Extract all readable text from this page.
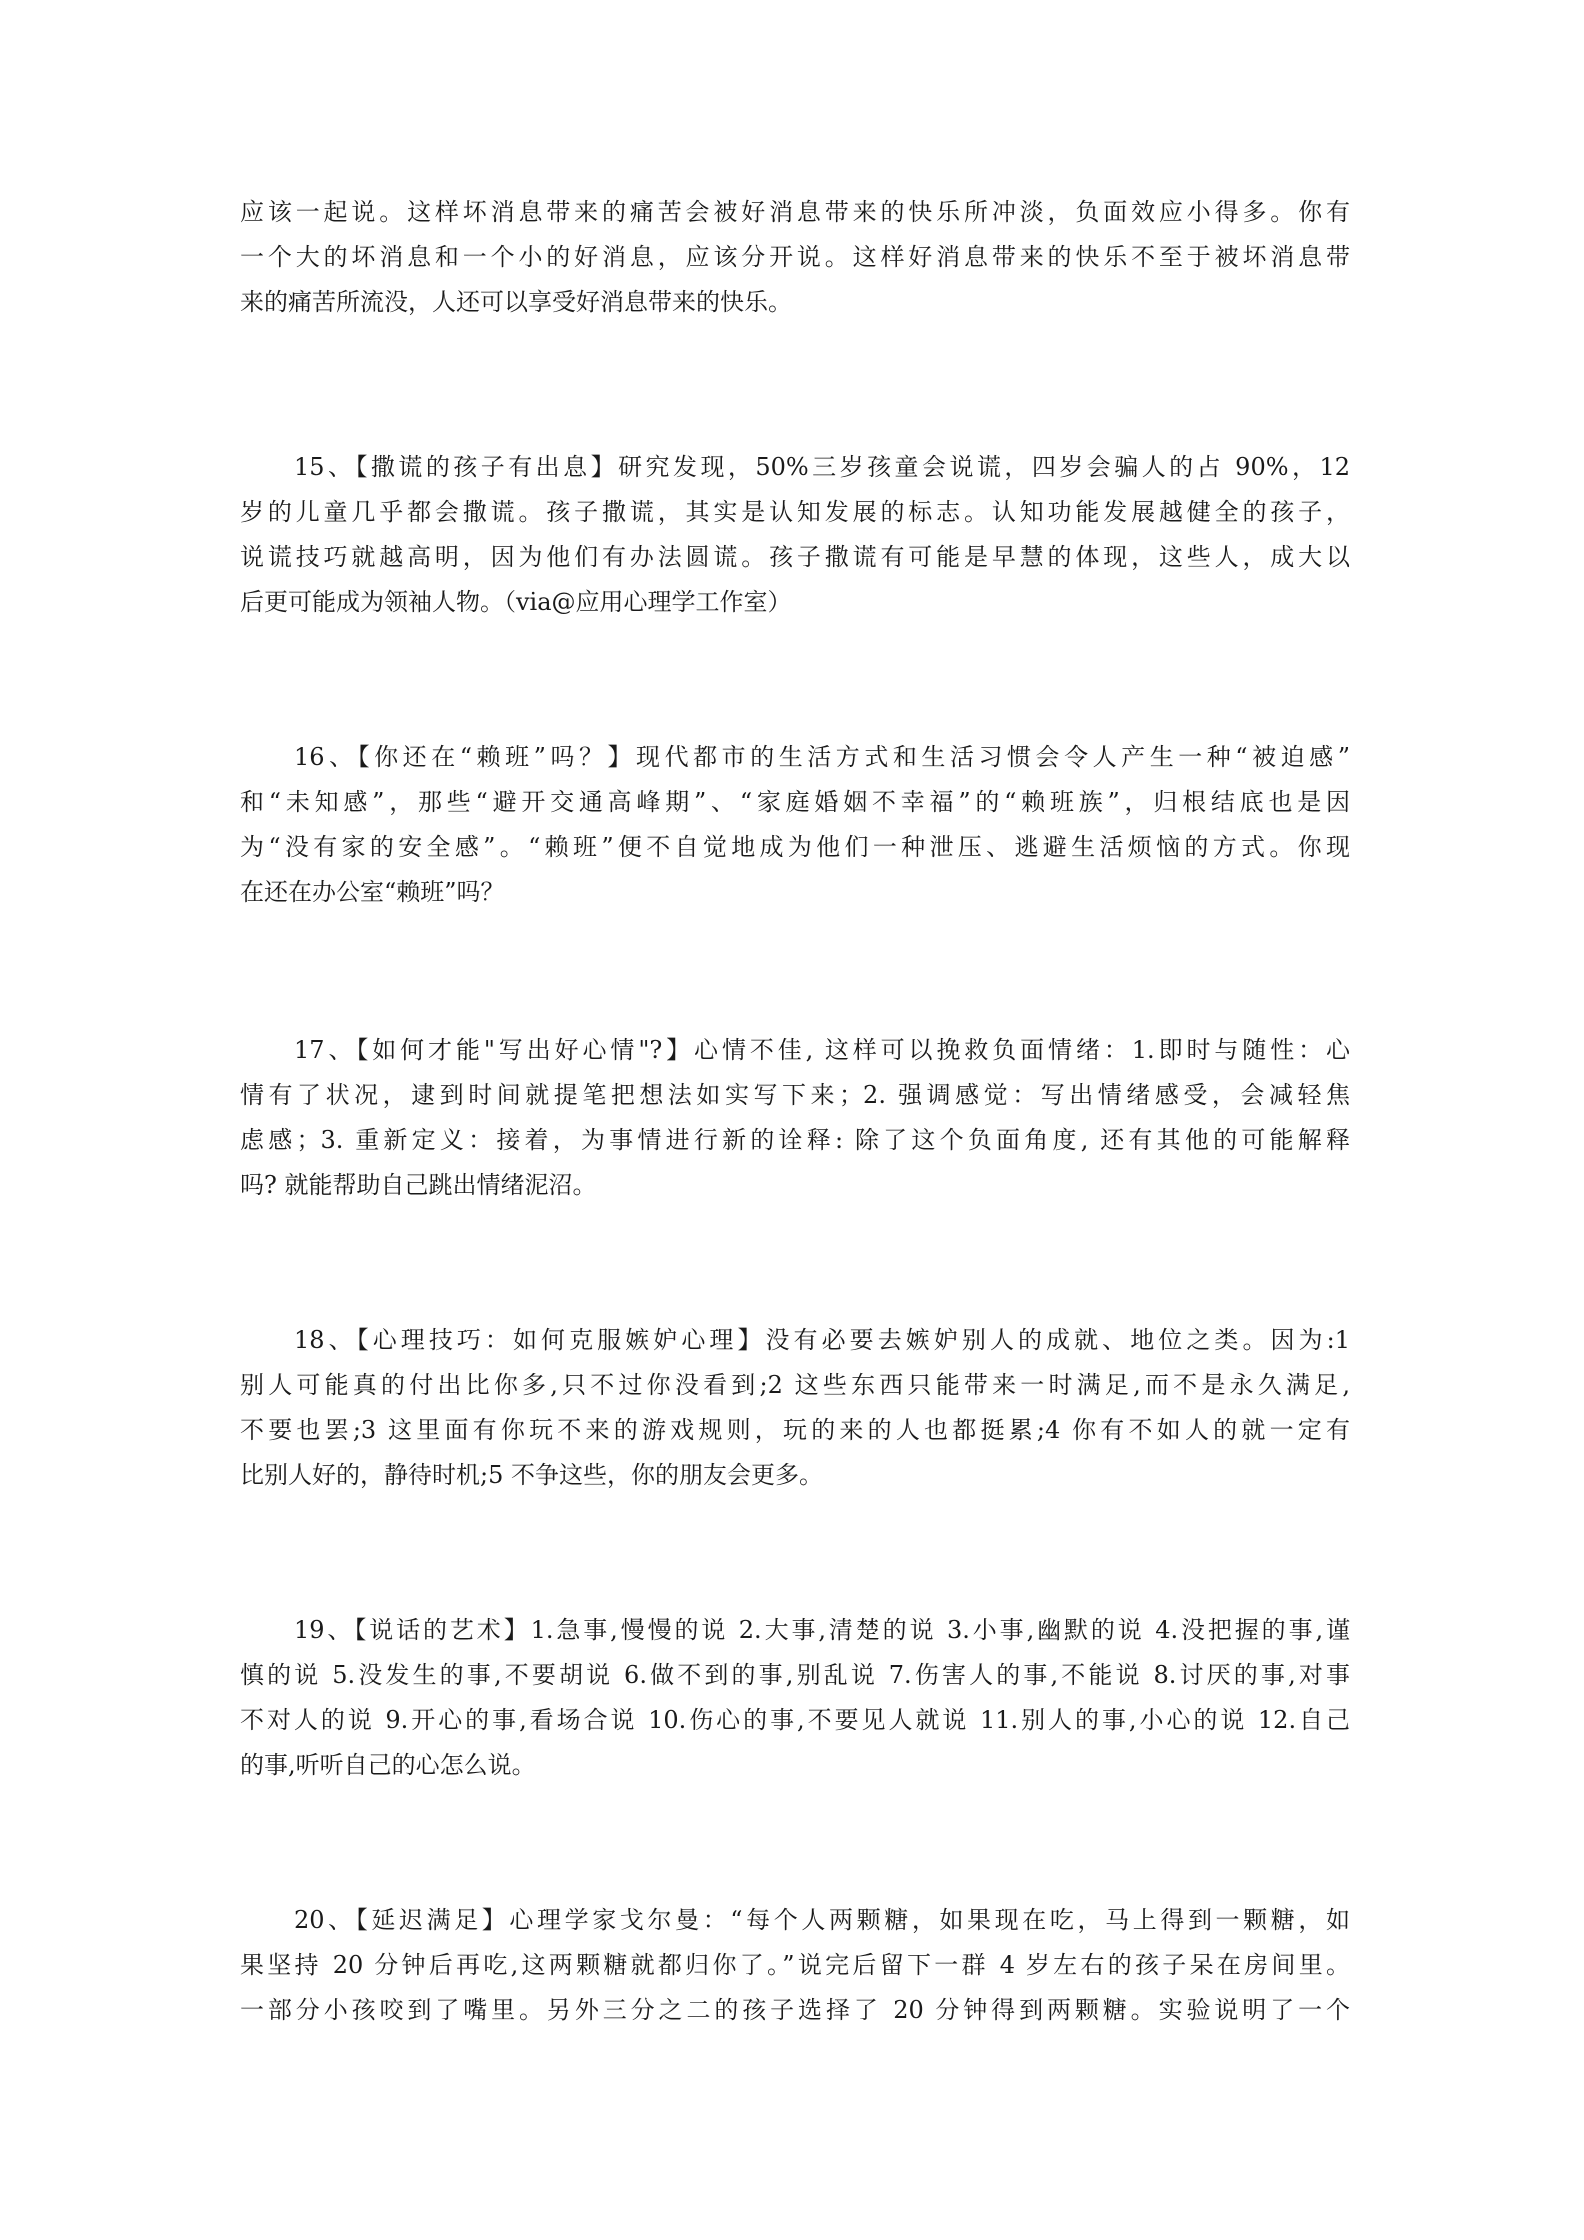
应该一起说。这样坏消息带来的痛苦会被好消息带来的快乐所冲淡，负面效应小得多。你有
一个大的坏消息和一个小的好消息，应该分开说。这样好消息带来的快乐不至于被坏消息带
来的痛苦所流没，人还可以享受好消息带来的快乐。
15、【撒谎的孩子有出息】研究发现，50%三岁孩童会说谎，四岁会骗人的占 90%，12
岁的儿童几乎都会撒谎。孩子撒谎，其实是认知发展的标志。认知功能发展越健全的孩子，
说谎技巧就越高明，因为他们有办法圆谎。孩子撒谎有可能是早慧的体现，这些人，成大以
后更可能成为领袖人物。（via@应用心理学工作室）
16、【你还在“赖班”吗？】现代都市的生活方式和生活习惯会令人产生一种“被迫感”
和“未知感”，那些“避开交通高峰期”、“家庭婚姻不幸福”的“赖班族”，归根结底也是因
为“没有家的安全感”。“赖班”便不自觉地成为他们一种泄压、逃避生活烦恼的方式。你现
在还在办公室“赖班”吗？
17、【如何才能"写出好心情"?】心情不佳, 这样可以挽救负面情绪：1.即时与随性：心
情有了状况，逮到时间就提笔把想法如实写下来；2. 强调感觉：写出情绪感受，会减轻焦
虑感；3. 重新定义：接着，为事情进行新的诠释: 除了这个负面角度, 还有其他的可能解释
吗? 就能帮助自己跳出情绪泥沼。
18、【心理技巧：如何克服嫉妒心理】没有必要去嫉妒别人的成就、地位之类。因为:1
别人可能真的付出比你多,只不过你没看到;2 这些东西只能带来一时满足,而不是永久满足,
不要也罢;3 这里面有你玩不来的游戏规则，玩的来的人也都挺累;4 你有不如人的就一定有
比别人好的，静待时机;5 不争这些，你的朋友会更多。
19、【说话的艺术】1.急事,慢慢的说 2.大事,清楚的说 3.小事,幽默的说 4.没把握的事,谨
慎的说 5.没发生的事,不要胡说 6.做不到的事,别乱说 7.伤害人的事,不能说 8.讨厌的事,对事
不对人的说 9.开心的事,看场合说 10.伤心的事,不要见人就说 11.别人的事,小心的说 12.自己
的事,听听自己的心怎么说。
20、【延迟满足】心理学家戈尔曼：“每个人两颗糖，如果现在吃，马上得到一颗糖，如
果坚持 20 分钟后再吃,这两颗糖就都归你了。”说完后留下一群 4 岁左右的孩子呆在房间里。
一部分小孩咬到了嘴里。另外三分之二的孩子选择了 20 分钟得到两颗糖。实验说明了一个
